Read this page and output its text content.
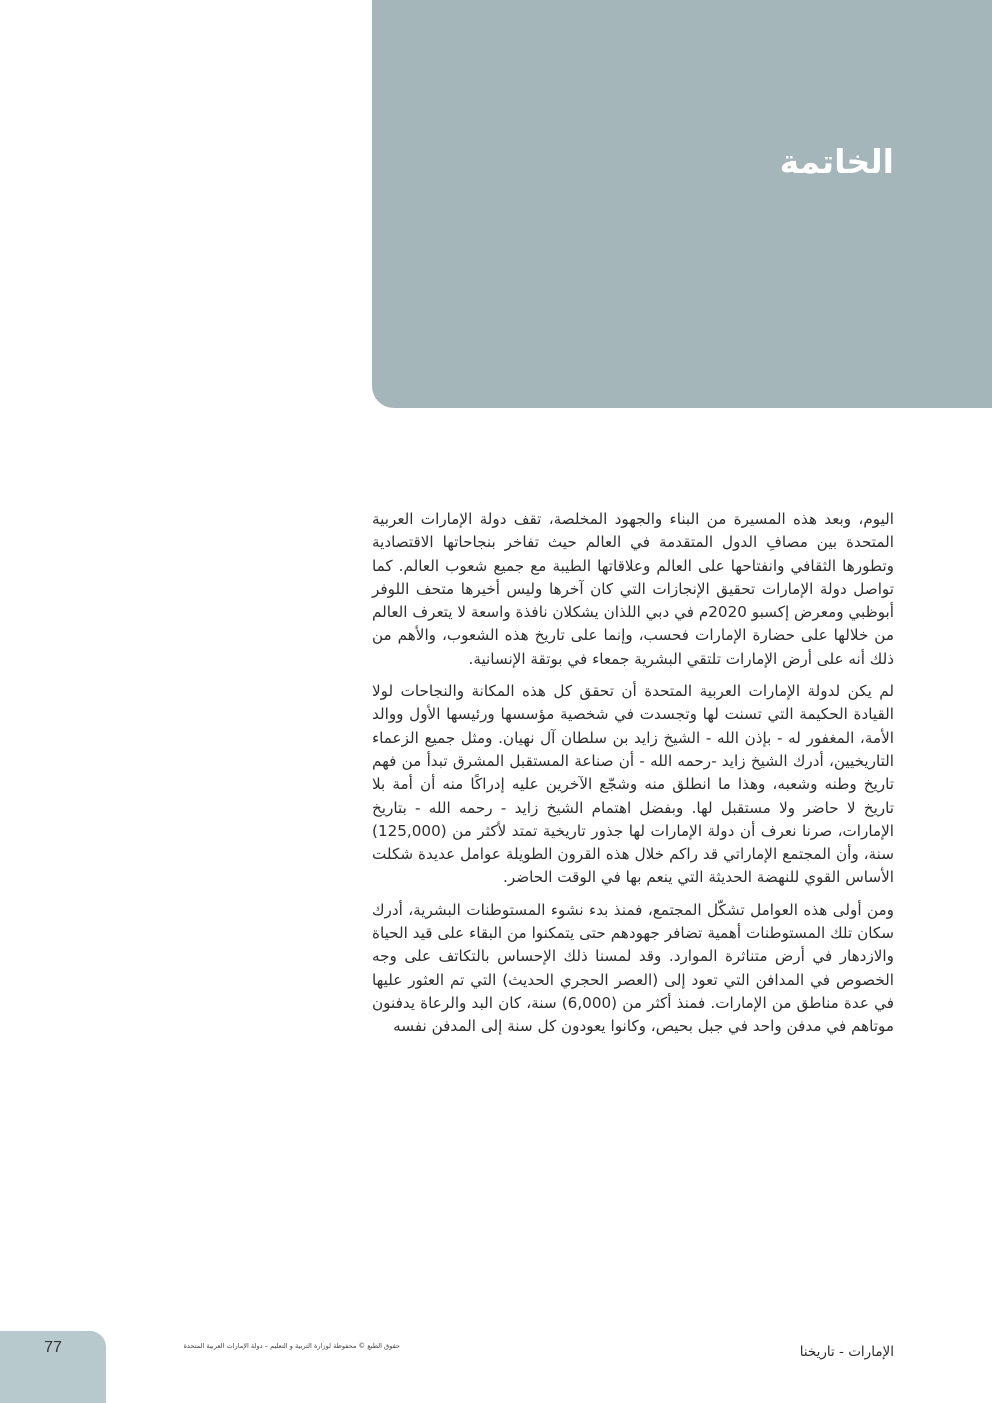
الخاتمة

اليوم، وبعد هذه المسيرة من البناء والجهود المخلصة، تقف دولة الإمارات العربية المتحدة بين مصافِ الدول المتقدمة في العالم حيث تفاخر بنجاحاتها الاقتصادية وتطورها الثقافي وانفتاحها على العالم وعلاقاتها الطيبة مع جميع شعوب العالم. كما تواصل دولة الإمارات تحقيق الإنجازات التي كان آخرها وليس أخيرها متحف اللوفر أبوظبي ومعرض إكسبو 2020م في دبي اللذان يشكلان نافذة واسعة لا يتعرف العالم من خلالها على حضارة الإمارات فحسب، وإنما على تاريخ هذه الشعوب، والأهم من ذلك أنه على أرض الإمارات تلتقي البشرية جمعاء في بوتقة الإنسانية.

لم يكن لدولة الإمارات العربية المتحدة أن تحقق كل هذه المكانة والنجاحات لولا القيادة الحكيمة التي تسنت لها وتجسدت في شخصية مؤسسها ورئيسها الأول ووالد الأمة، المغفور له - بإذن الله - الشيخ زايد بن سلطان آل نهيان. ومثل جميع الزعماء التاريخيين، أدرك الشيخ زايد -رحمه الله - أن صناعة المستقبل المشرق تبدأ من فهم تاريخ وطنه وشعبه، وهذا ما انطلق منه وشجّع الآخرين عليه إدراكًا منه أن أمة بلا تاريخ لا حاضر ولا مستقبل لها. وبفضل اهتمام الشيخ زايد - رحمه الله - بتاريخ الإمارات، صرنا نعرف أن دولة الإمارات لها جذور تاريخية تمتد لأكثر من (125,000) سنة، وأن المجتمع الإماراتي قد راكم خلال هذه القرون الطويلة عوامل عديدة شكلت الأساس القوي للنهضة الحديثة التي ينعم بها في الوقت الحاضر.

ومن أولى هذه العوامل تشكّل المجتمع، فمنذ بدء نشوء المستوطنات البشرية، أدرك سكان تلك المستوطنات أهمية تضافر جهودهم حتى يتمكنوا من البقاء على قيد الحياة والازدهار في أرض متناثرة الموارد. وقد لمسنا ذلك الإحساس بالتكاتف على وجه الخصوص في المدافن التي تعود إلى (العصر الحجري الحديث) التي تم العثور عليها في عدة مناطق من الإمارات. فمنذ أكثر من (6,000) سنة، كان البد والرعاة يدفنون موتاهم في مدفن واحد في جبل بحيص، وكانوا يعودون كل سنة إلى المدفن نفسه

77	حقوق الطبع © محفوظة لوزارة التربية و التعليم – دولة الإمارات العربية المتحدة	الإمارات - تاريخنا
